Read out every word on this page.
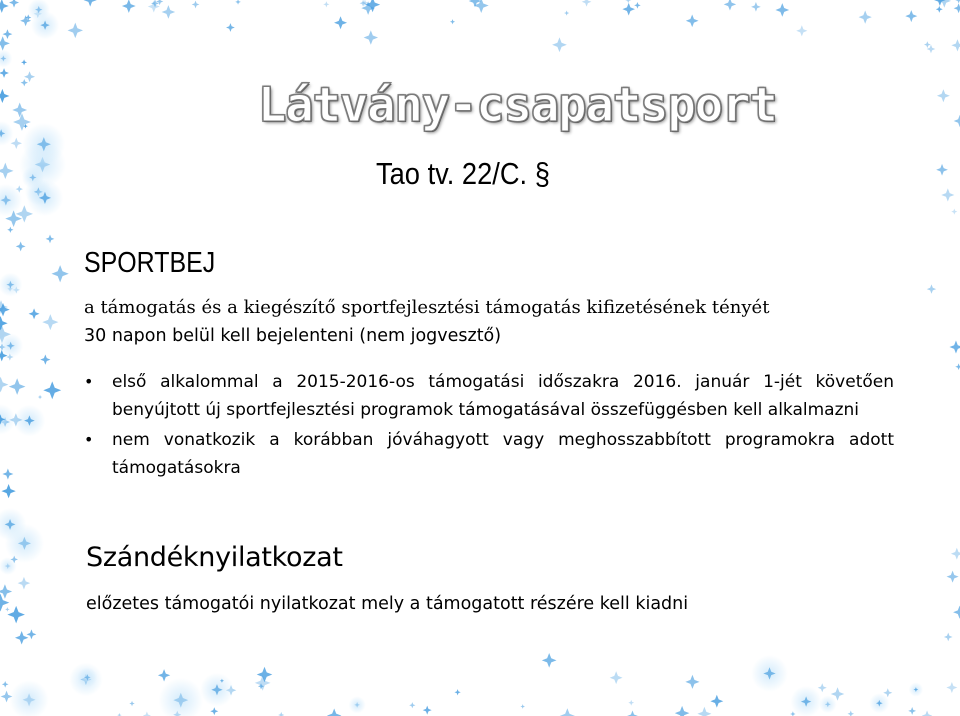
Látvány-csapatsport
Tao tv. 22/C. §
SPORTBEJ
a támogatás és a kiegészítő sportfejlesztési támogatás kifizetésének tényét
30 napon belül kell bejelenteni (nem jogvesztő)
• első alkalommal a 2015-2016-os támogatási időszakra 2016. január 1-jét követően benyújtott új sportfejlesztési programok támogatásával összefüggésben kell alkalmazni
• nem vonatkozik a korábban jóváhagyott vagy meghosszabbított programokra adott támogatásokra
Szándéknyilatkozat
előzetes támogatói nyilatkozat mely a támogatott részére kell kiadni
